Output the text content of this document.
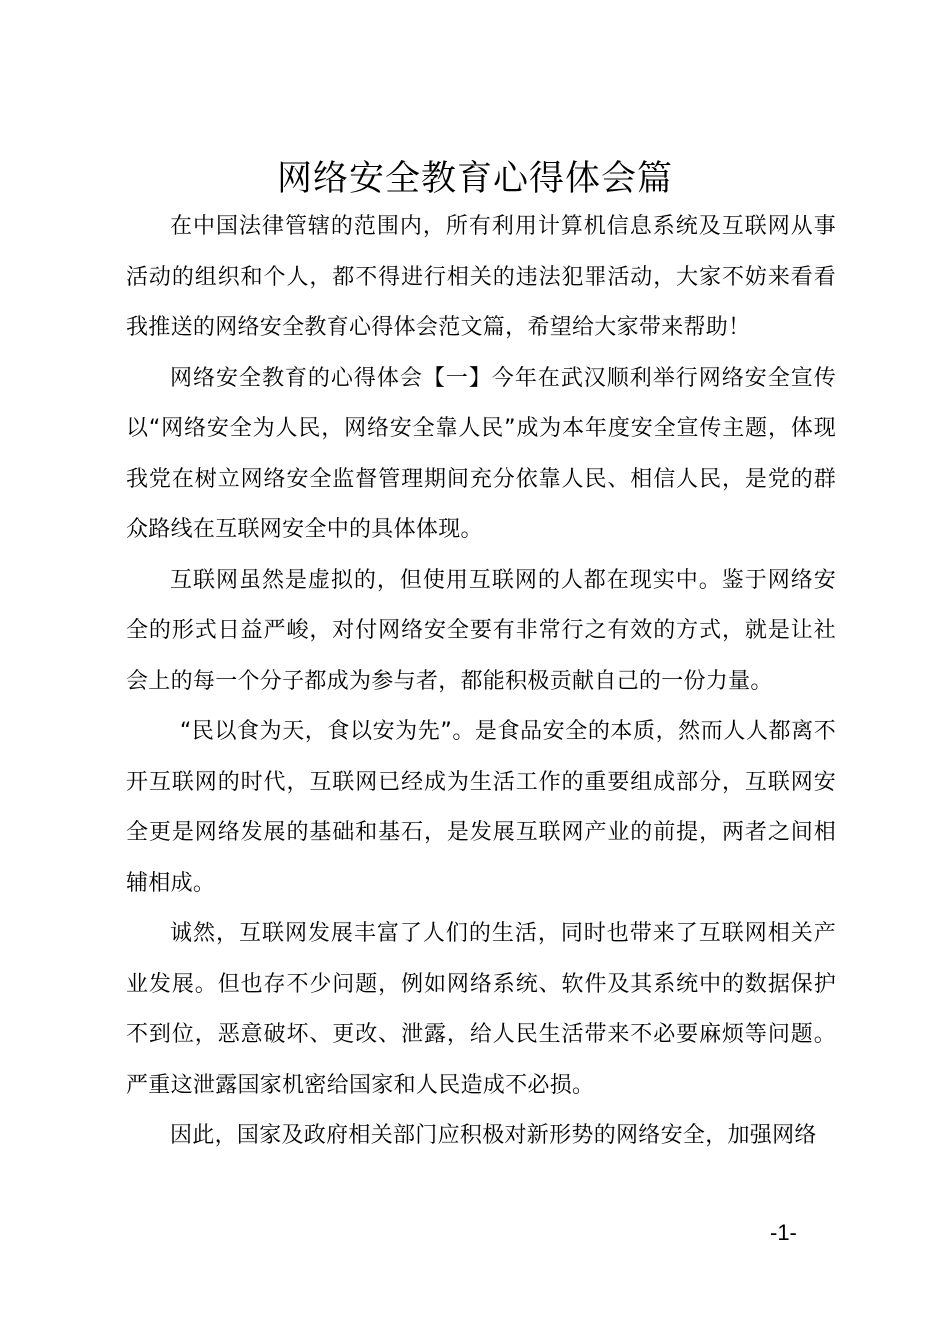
网络安全教育心得体会篇

在中国法律管辖的范围内，所有利用计算机信息系统及互联网从事活动的组织和个人，都不得进行相关的违法犯罪活动，大家不妨来看看我推送的网络安全教育心得体会范文篇，希望给大家带来帮助！

网络安全教育的心得体会【一】今年在武汉顺利举行网络安全宣传以“网络安全为人民，网络安全靠人民”成为本年度安全宣传主题，体现我党在树立网络安全监督管理期间充分依靠人民、相信人民，是党的群众路线在互联网安全中的具体体现。

互联网虽然是虚拟的，但使用互联网的人都在现实中。鉴于网络安全的形式日益严峻，对付网络安全要有非常行之有效的方式，就是让社会上的每一个分子都成为参与者，都能积极贡献自己的一份力量。

“民以食为天，食以安为先”。是食品安全的本质，然而人人都离不开互联网的时代，互联网已经成为生活工作的重要组成部分，互联网安全更是网络发展的基础和基石，是发展互联网产业的前提，两者之间相辅相成。

诚然，互联网发展丰富了人们的生活，同时也带来了互联网相关产业发展。但也存不少问题，例如网络系统、软件及其系统中的数据保护不到位，恶意破坏、更改、泄露，给人民生活带来不必要麻烦等问题。严重这泄露国家机密给国家和人民造成不必损。

因此，国家及政府相关部门应积极对新形势的网络安全，加强网络

-1-
